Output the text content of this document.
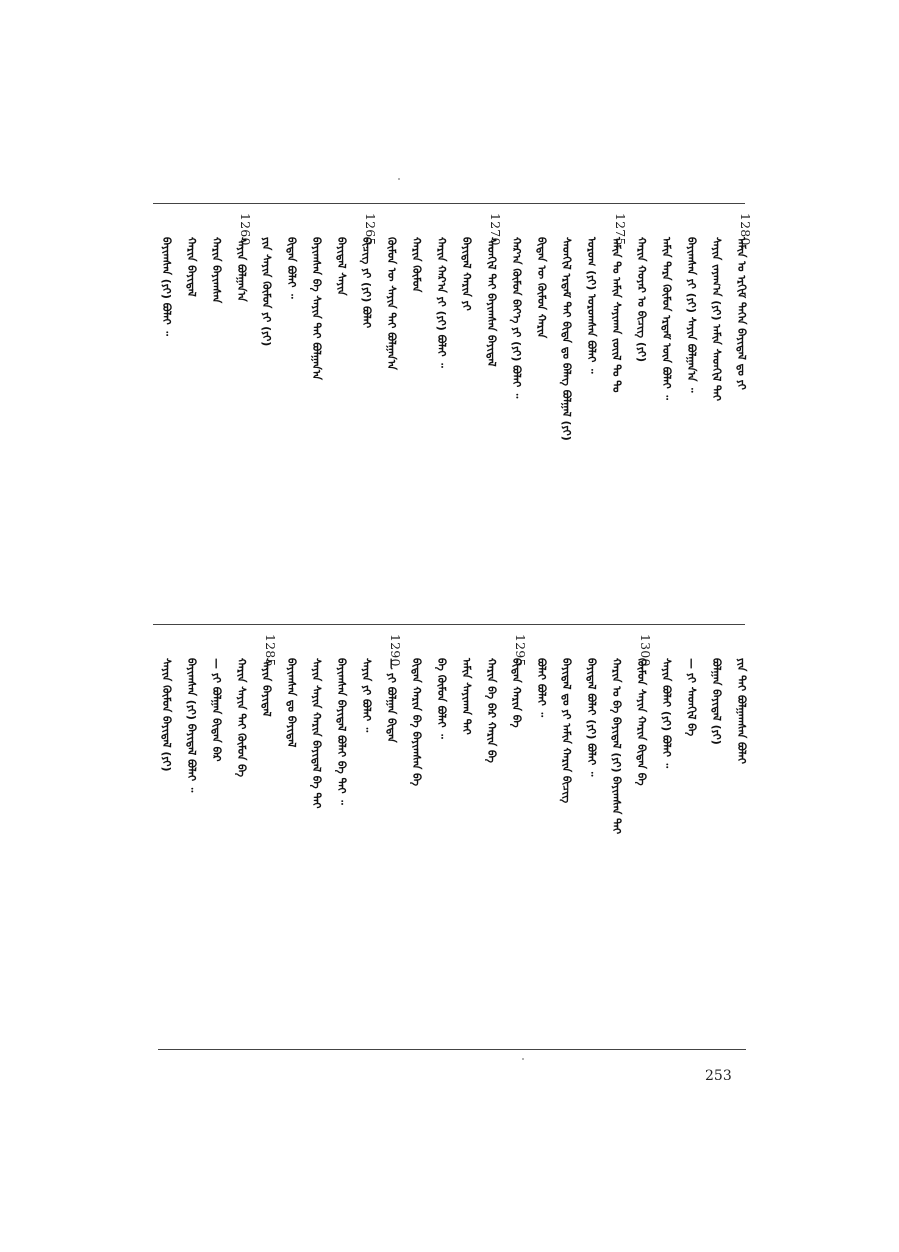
1280.
ᠠᠮᠢᠨ ᠤ ᠡᠷᠬᠢᠮ ᠳᠡᠭᠡᠨ ᠪᠠᠶᠢᠳᠠᠯ ᠳᠤ ᠶᠢ
ᠰᠠᠶᠢᠨ ᠵᠠᠶᠠᠭ᠎ᠠ (ᠶᠢ) ᠠᠮᠢᠨ ᠰᠡᠳᠬᠢᠯ ᠲᠡᠢ
ᠪᠠᠶᠢᠭᠰᠠᠨ ᠶᠢ (ᠶᠢ) ᠰᠠᠶᠢᠨ ᠪᠣᠯᠭᠠᠨ᠎ᠠ ᠃
ᠠᠮᠢᠨ ᠲᠡᠷᠡ ᠬᠦᠮᠦᠨ ᠡᠷᠳᠡᠮ ᠦᠨ ᠪᠣᠯᠠᠢ ᠃
ᠬᠠᠷᠢᠨ ᠬᠣᠶᠠᠷ ᠤ ᠪᠢᠴᠢᠭ᠌ (ᠶᠢ)
1275.
ᠠᠮᠢᠨ ᠲᠤ ᠠᠮᠢᠨ ᠰᠠᠶᠢᠬᠠᠨ ᠵᠦᠢᠯ ᠲᠤ ᠲᠤ
ᠤᠷᠤᠭ (ᠶᠢ) ᠤᠷᠤᠭᠰᠠᠨ ᠪᠣᠯᠠᠢ ᠃
ᠰᠡᠳᠬᠢᠯ ᠡᠷᠳᠡᠮ ᠲᠡᠢ ᠪᠢᠳᠡ ᠳᠤ ᠪᠡᠯᠡᠭ ᠪᠣᠯᠭᠠᠯ (ᠶᠢ)
ᠪᠢᠳᠡᠨ ᠦ ᠬᠦᠮᠦᠨ ᠬᠠᠷᠢᠨ
ᠬᠠᠷ᠎ᠠ ᠬᠦᠮᠦᠨ ᠪᠡᠶ᠎ᠡ ᠶᠢ (ᠶᠢ) ᠪᠣᠯᠠᠢ ᠃
1270.
ᠰᠡᠳᠬᠢᠯ ᠲᠡᠢ ᠪᠠᠶᠢᠭᠰᠠᠨ ᠪᠠᠶᠢᠳᠠᠯ
ᠪᠠᠶᠢᠳᠠᠯ ᠬᠠᠷᠢᠨ ᠶᠢ
ᠬᠠᠷᠢᠨ ᠬᠠᠷ᠎ᠠ ᠶᠢ (ᠶᠢ) ᠪᠣᠯᠠᠢ ᠃
ᠬᠠᠷᠢᠨ ᠬᠦᠮᠦᠨ
ᠬᠦᠮᠦᠨ ᠦ ᠰᠠᠶᠢᠨ ᠲᠡᠢ ᠪᠣᠯᠭᠠᠨ᠎ᠠ
1265.
ᠪᠢᠴᠢᠭ᠌ ᠶᠢ (ᠶᠢ) ᠪᠣᠯᠠᠢ
ᠪᠠᠶᠢᠳᠠᠯ ᠰᠠᠶᠢᠨ
ᠪᠠᠶᠢᠭᠰᠠᠨ ᠪᠠ ᠰᠠᠶᠢᠨ ᠲᠡᠢ ᠪᠣᠯᠭᠠᠨ᠎ᠠ
ᠪᠢᠳᠡᠨ ᠪᠣᠯᠠᠢ ᠃
ᠶᠢᠨ ᠰᠠᠶᠢᠨ ᠬᠦᠮᠦᠨ ᠶᠢ (ᠶᠢ)
1260.
ᠰᠠᠶᠢᠨ ᠪᠣᠯᠭᠠᠨ᠎ᠠ
ᠬᠠᠷᠢᠨ ᠪᠠᠶᠢᠭᠰᠠᠨ
ᠬᠠᠷᠢᠨ ᠪᠠᠶᠢᠳᠠᠯ
ᠪᠠᠶᠢᠭᠰᠠᠨ (ᠶᠢ) ᠪᠣᠯᠠᠢ ᠃
ᠶᠢᠨ ᠲᠡᠢ ᠪᠣᠯᠭᠠᠭᠰᠠᠨ ᠪᠣᠯᠠᠢ
ᠪᠣᠯᠭᠠᠨ ᠪᠠᠶᠢᠳᠠᠯ (ᠶᠢ)
— ᠶᠢ ᠰᠡᠳᠬᠢᠯ ᠪᠠ
ᠰᠠᠶᠢᠨ ᠪᠣᠯᠠᠢ (ᠶᠢ) ᠪᠣᠯᠠᠢ ᠃
1300.
ᠬᠦᠮᠦᠨ ᠰᠠᠶᠢᠨ ᠬᠠᠷᠢᠨ ᠪᠢᠳᠡᠨ ᠪᠠ
ᠬᠠᠷᠢᠨ ᠤ ᠪᠠ ᠪᠠᠶᠢᠳᠠᠯ (ᠶᠢ) ᠪᠠᠶᠢᠭᠰᠠᠨ ᠲᠡᠢ
ᠪᠠᠶᠢᠳᠠᠯ ᠪᠣᠯᠠᠢ (ᠶᠢ) ᠪᠣᠯᠠᠢ ᠃
ᠪᠠᠶᠢᠳᠠᠯ ᠳᠤ ᠶᠢ ᠠᠮᠢᠨ ᠬᠠᠷᠢᠨ ᠪᠢᠴᠢᠭ᠌
ᠪᠣᠯᠠᠢ ᠪᠣᠯᠠᠢ ᠃
1295.
ᠪᠢᠳᠡᠨ ᠬᠠᠷᠢᠨ ᠪᠠ
ᠬᠠᠷᠢᠨ ᠪᠠ ᠪᠠᠷ ᠬᠠᠷᠢᠨ ᠪᠠ
ᠠᠮᠢᠨ ᠰᠠᠶᠢᠬᠠᠨ ᠲᠡᠢ
ᠪᠠ ᠬᠦᠮᠦᠨ ᠪᠣᠯᠠᠢ ᠃
ᠪᠢᠳᠡᠨ ᠬᠠᠷᠢᠨ ᠪᠠ ᠪᠠᠶᠢᠭᠰᠠᠨ ᠪᠠ
1290.
— ᠶᠢ ᠪᠣᠯᠭᠠᠨ ᠪᠢᠳᠡᠨ
ᠰᠠᠶᠢᠨ ᠶᠢ ᠪᠣᠯᠠᠢ ᠃
ᠪᠠᠶᠢᠭᠰᠠᠨ ᠪᠠᠶᠢᠳᠠᠯ ᠪᠣᠯᠠᠢ ᠪᠠ ᠲᠡᠢ ᠃
ᠰᠠᠶᠢᠨ ᠰᠠᠶᠢᠨ ᠬᠠᠷᠢᠨ ᠪᠠᠶᠢᠳᠠᠯ ᠪᠠ ᠲᠡᠢ
ᠪᠠᠶᠢᠭᠰᠠᠨ ᠳᠤ ᠪᠠᠶᠢᠳᠠᠯ
1285.
ᠰᠠᠶᠢᠨ ᠪᠠᠶᠢᠳᠠᠯ
ᠬᠠᠷᠢᠨ ᠰᠠᠶᠢᠨ ᠲᠡᠢ ᠬᠦᠮᠦᠨ ᠪᠠ
— ᠶᠢ ᠪᠣᠯᠭᠠᠨ ᠪᠢᠳᠡᠨ ᠪᠠᠷ
ᠪᠠᠶᠢᠭᠰᠠᠨ (ᠶᠢ) ᠪᠠᠶᠢᠳᠠᠯ ᠪᠣᠯᠠᠢ ᠃
ᠰᠠᠶᠢᠨ ᠬᠦᠮᠦᠨ ᠪᠠᠶᠢᠳᠠᠯ (ᠶᠢ)
253
